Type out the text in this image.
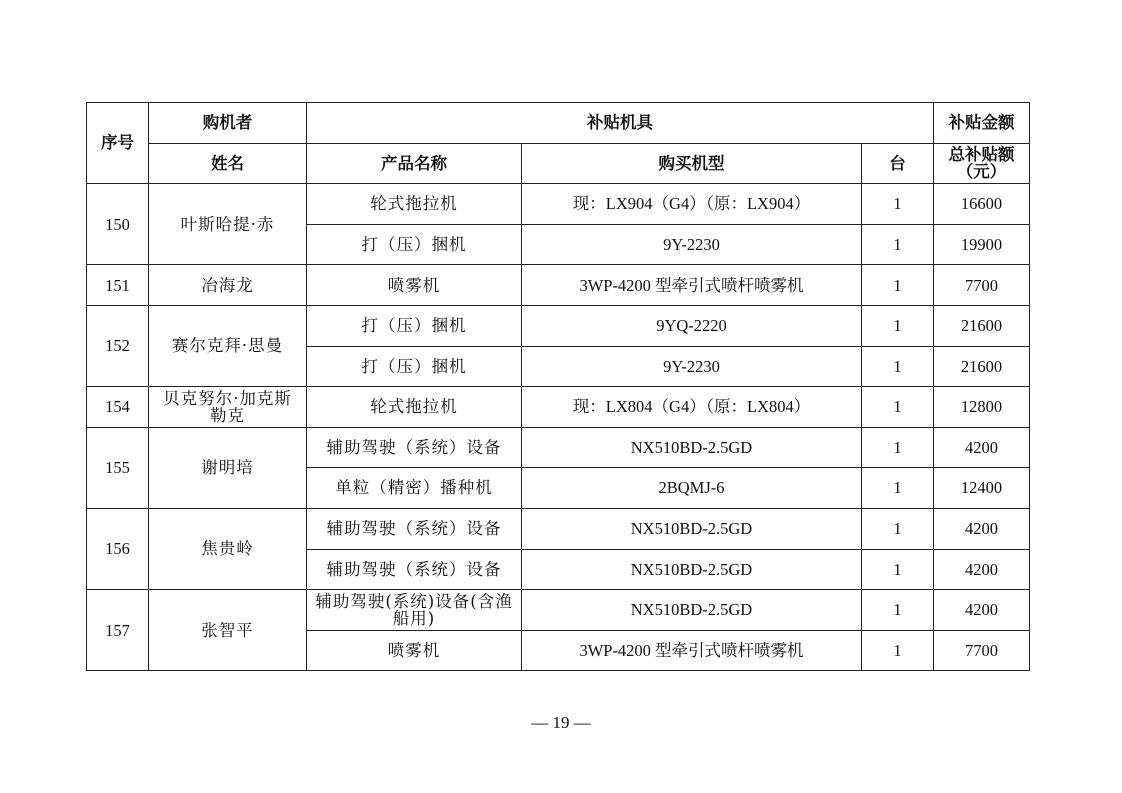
序号	购机者	补贴机具			补贴金额
	姓名	产品名称	购买机型	台	总补贴额（元）
150	叶斯哈提·赤	轮式拖拉机	现：LX904（G4）（原：LX904）	1	16600
		打（压）捆机	9Y-2230	1	19900
151	冶海龙	喷雾机	3WP-4200 型牵引式喷杆喷雾机	1	7700
152	赛尔克拜·思曼	打（压）捆机	9YQ-2220	1	21600
		打（压）捆机	9Y-2230	1	21600
154	贝克努尔·加克斯勒克	轮式拖拉机	现：LX804（G4）（原：LX804）	1	12800
155	谢明培	辅助驾驶（系统）设备	NX510BD-2.5GD	1	4200
		单粒（精密）播种机	2BQMJ-6	1	12400
156	焦贵岭	辅助驾驶（系统）设备	NX510BD-2.5GD	1	4200
		辅助驾驶（系统）设备	NX510BD-2.5GD	1	4200
157	张智平	辅助驾驶(系统)设备(含渔船用)	NX510BD-2.5GD	1	4200
		喷雾机	3WP-4200 型牵引式喷杆喷雾机	1	7700
— 19 —
